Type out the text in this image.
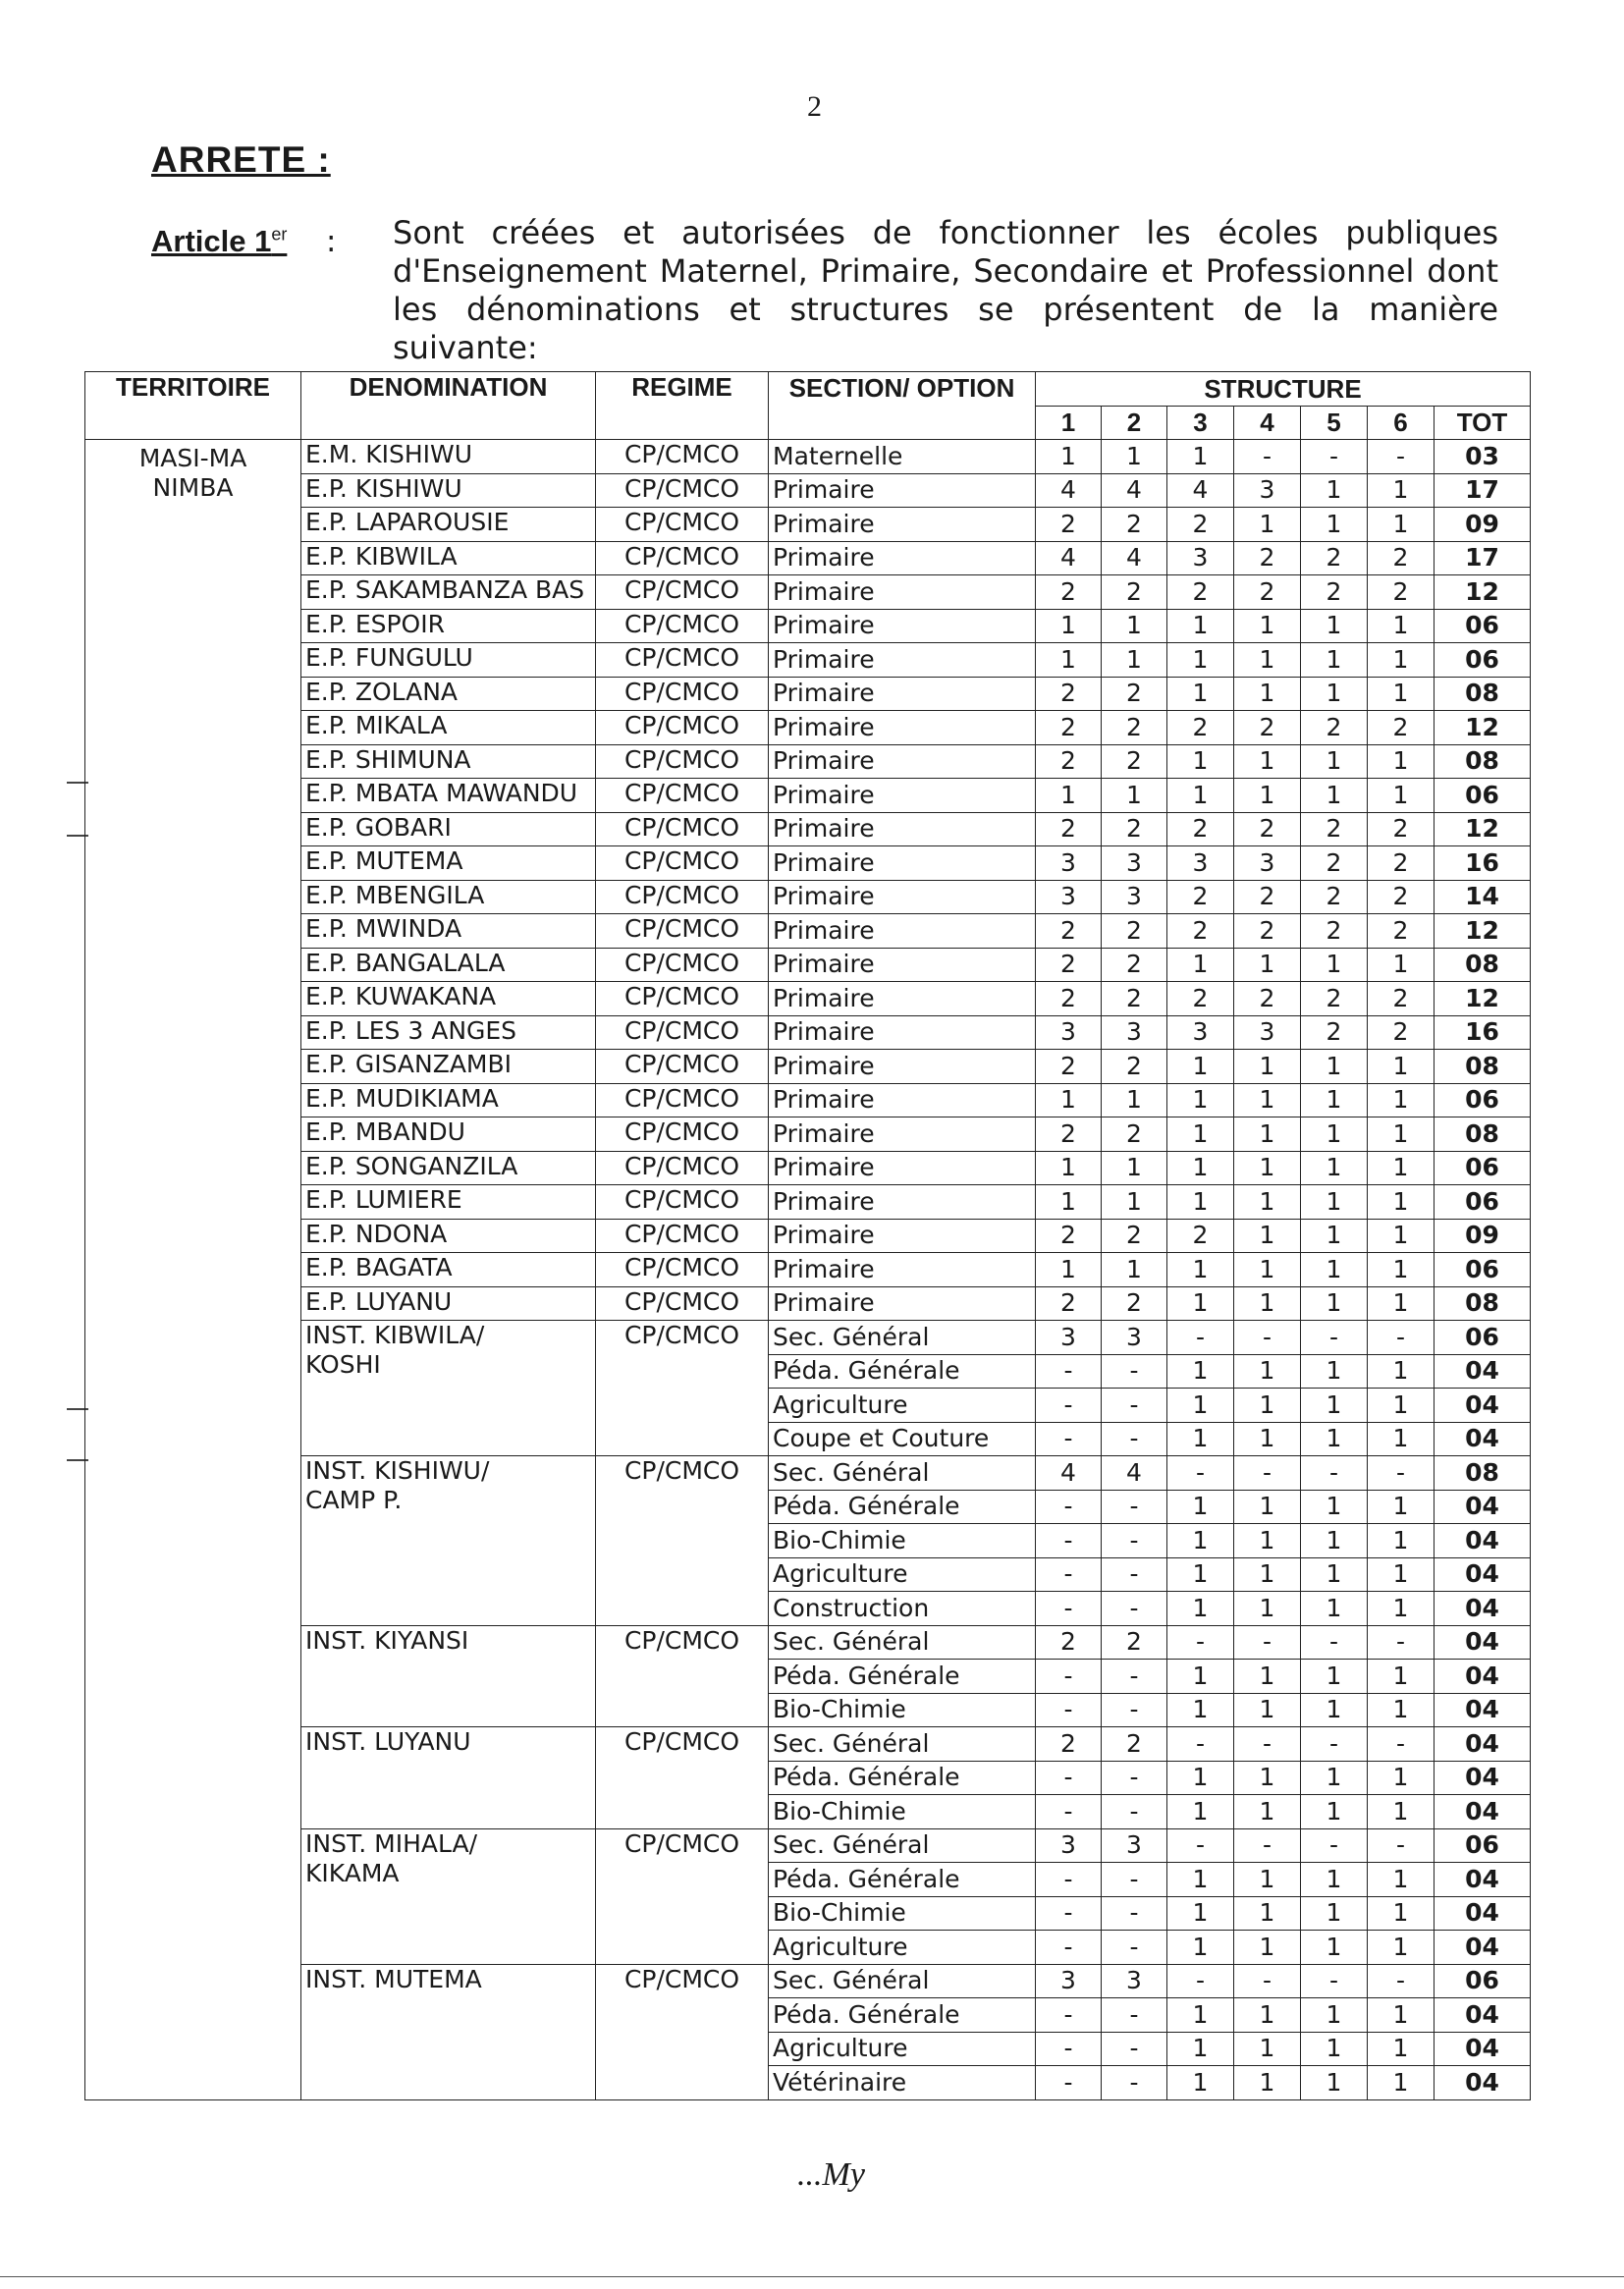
2
ARRETE :
Article 1er : Sont créées et autorisées de fonctionner les écoles publiques d'Enseignement Maternel, Primaire, Secondaire et Professionnel dont les dénominations et structures se présentent de la manière suivante:
TERRITOIRE	DENOMINATION	REGIME	SECTION/ OPTION	STRUCTURE						
				1	2	3	4	5	6	TOT
MASI-MANIMBA	E.M. KISHIWU	CP/CMCO	Maternelle	1	1	1	-	-	-	03
	E.P. KISHIWU	CP/CMCO	Primaire	4	4	4	3	1	1	17
	E.P. LAPAROUSIE	CP/CMCO	Primaire	2	2	2	1	1	1	09
	E.P. KIBWILA	CP/CMCO	Primaire	4	4	3	2	2	2	17
	E.P. SAKAMBANZA BAS	CP/CMCO	Primaire	2	2	2	2	2	2	12
	E.P. ESPOIR	CP/CMCO	Primaire	1	1	1	1	1	1	06
	E.P. FUNGULU	CP/CMCO	Primaire	1	1	1	1	1	1	06
	E.P. ZOLANA	CP/CMCO	Primaire	2	2	1	1	1	1	08
	E.P. MIKALA	CP/CMCO	Primaire	2	2	2	2	2	2	12
	E.P. SHIMUNA	CP/CMCO	Primaire	2	2	1	1	1	1	08
	E.P. MBATA MAWANDU	CP/CMCO	Primaire	1	1	1	1	1	1	06
	E.P. GOBARI	CP/CMCO	Primaire	2	2	2	2	2	2	12
	E.P. MUTEMA	CP/CMCO	Primaire	3	3	3	3	2	2	16
	E.P. MBENGILA	CP/CMCO	Primaire	3	3	2	2	2	2	14
	E.P. MWINDA	CP/CMCO	Primaire	2	2	2	2	2	2	12
	E.P. BANGALALA	CP/CMCO	Primaire	2	2	1	1	1	1	08
	E.P. KUWAKANA	CP/CMCO	Primaire	2	2	2	2	2	2	12
	E.P. LES 3 ANGES	CP/CMCO	Primaire	3	3	3	3	2	2	16
	E.P. GISANZAMBI	CP/CMCO	Primaire	2	2	1	1	1	1	08
	E.P. MUDIKIAMA	CP/CMCO	Primaire	1	1	1	1	1	1	06
	E.P. MBANDU	CP/CMCO	Primaire	2	2	1	1	1	1	08
	E.P. SONGANZILA	CP/CMCO	Primaire	1	1	1	1	1	1	06
	E.P. LUMIERE	CP/CMCO	Primaire	1	1	1	1	1	1	06
	E.P. NDONA	CP/CMCO	Primaire	2	2	2	1	1	1	09
	E.P. BAGATA	CP/CMCO	Primaire	1	1	1	1	1	1	06
	E.P. LUYANU	CP/CMCO	Primaire	2	2	1	1	1	1	08
	INST. KIBWILA/
KOSHI	CP/CMCO	Sec. Général	3	3	-	-	-	-	06
			Péda. Générale	-	-	1	1	1	1	04
			Agriculture	-	-	1	1	1	1	04
			Coupe et Couture	-	-	1	1	1	1	04
	INST. KISHIWU/
CAMP P.	CP/CMCO	Sec. Général	4	4	-	-	-	-	08
			Péda. Générale	-	-	1	1	1	1	04
			Bio-Chimie	-	-	1	1	1	1	04
			Agriculture	-	-	1	1	1	1	04
			Construction	-	-	1	1	1	1	04
	INST. KIYANSI	CP/CMCO	Sec. Général	2	2	-	-	-	-	04
			Péda. Générale	-	-	1	1	1	1	04
			Bio-Chimie	-	-	1	1	1	1	04
	INST. LUYANU	CP/CMCO	Sec. Général	2	2	-	-	-	-	04
			Péda. Générale	-	-	1	1	1	1	04
			Bio-Chimie	-	-	1	1	1	1	04
	INST. MIHALA/
KIKAMA	CP/CMCO	Sec. Général	3	3	-	-	-	-	06
			Péda. Générale	-	-	1	1	1	1	04
			Bio-Chimie	-	-	1	1	1	1	04
			Agriculture	-	-	1	1	1	1	04
	INST. MUTEMA	CP/CMCO	Sec. Général	3	3	-	-	-	-	06
			Péda. Générale	-	-	1	1	1	1	04
			Agriculture	-	-	1	1	1	1	04
			Vétérinaire	-	-	1	1	1	1	04
...My
